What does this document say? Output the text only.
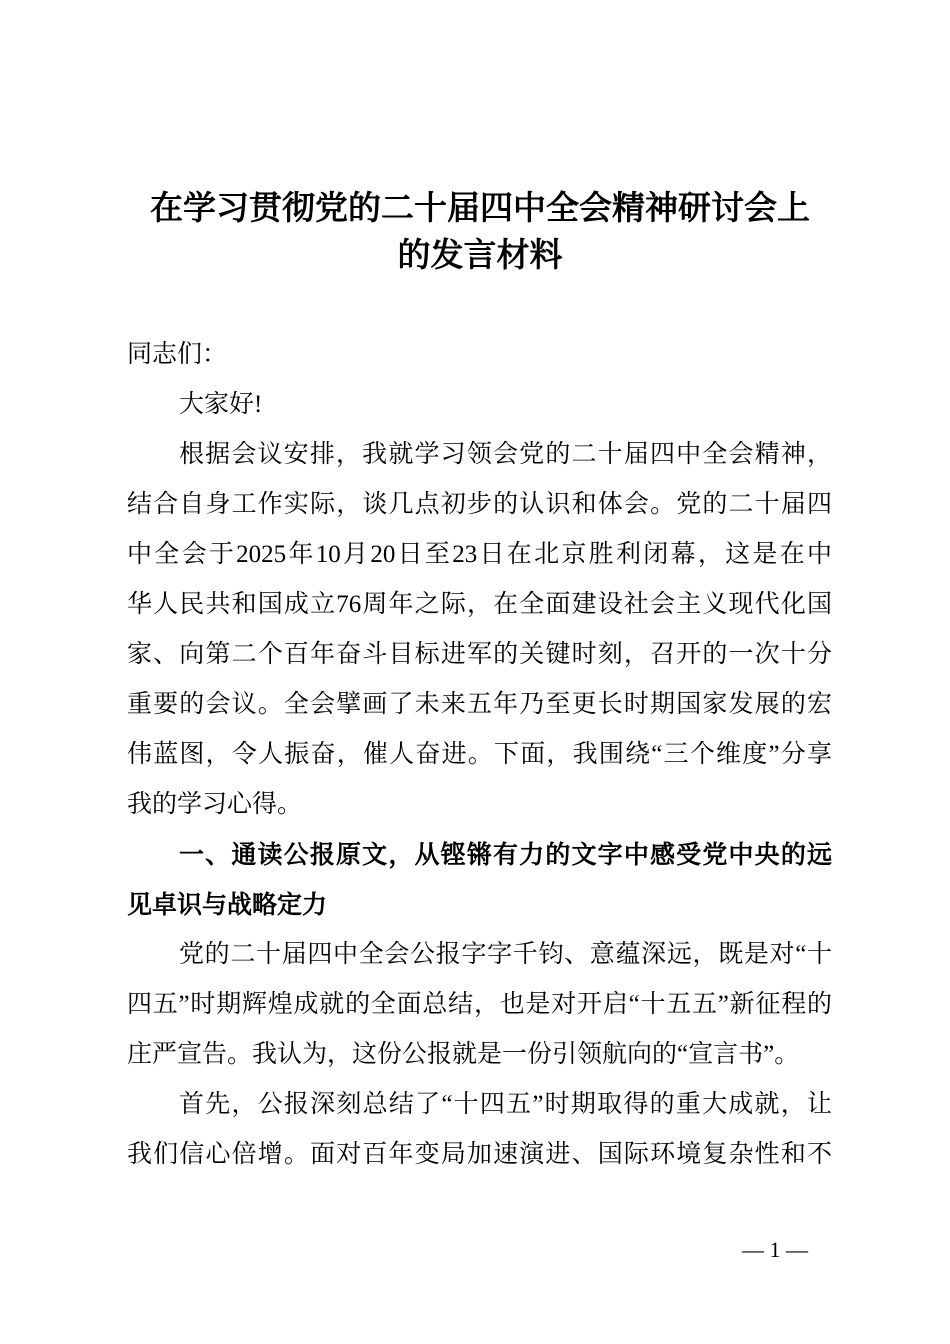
在学习贯彻党的二十届四中全会精神研讨会上
的发言材料
同志们：
大家好!
根据会议安排，我就学习领会党的二十届四中全会精神，
结合自身工作实际，谈几点初步的认识和体会。党的二十届四
中全会于2025年10月20日至23日在北京胜利闭幕，这是在中
华人民共和国成立76周年之际，在全面建设社会主义现代化国
家、向第二个百年奋斗目标进军的关键时刻，召开的一次十分
重要的会议。全会擘画了未来五年乃至更长时期国家发展的宏
伟蓝图，令人振奋，催人奋进。下面，我围绕“三个维度”分享
我的学习心得。
一、通读公报原文，从铿锵有力的文字中感受党中央的远
见卓识与战略定力
党的二十届四中全会公报字字千钧、意蕴深远，既是对“十
四五”时期辉煌成就的全面总结，也是对开启“十五五”新征程的
庄严宣告。我认为，这份公报就是一份引领航向的“宣言书”。
首先，公报深刻总结了“十四五”时期取得的重大成就，让
我们信心倍增。面对百年变局加速演进、国际环境复杂性和不
— 1 —
